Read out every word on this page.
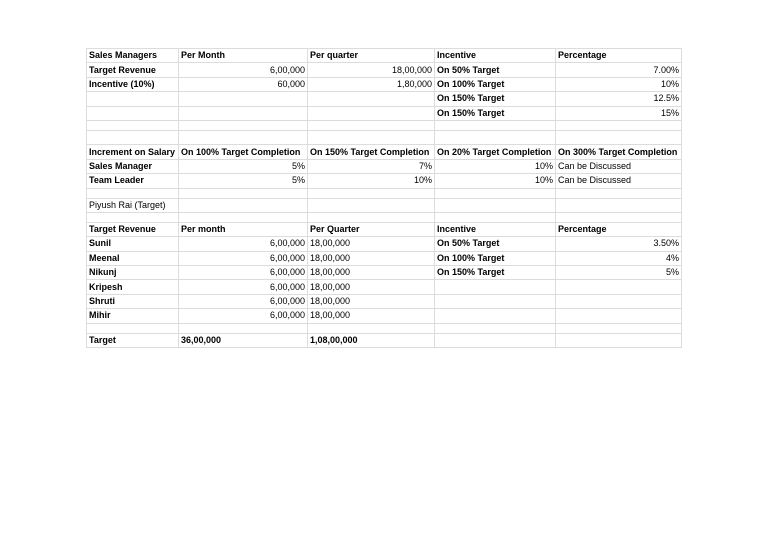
Sales Managers	Per Month	Per quarter	Incentive	Percentage
Target Revenue	6,00,000	18,00,000	On 50% Target	7.00%
Incentive (10%)	60,000	1,80,000	On 100% Target	10%
			On 150% Target	12.5%
			On 150% Target	15%

Increment on Salary	On 100% Target Completion	On 150% Target Completion	On 20% Target Completion	On 300% Target Completion
Sales Manager	5%	7%	10%	Can be Discussed
Team Leader	5%	10%	10%	Can be Discussed

Piyush Rai (Target)				

Target Revenue	Per month	Per Quarter	Incentive	Percentage
Sunil	6,00,000	18,00,000	On 50% Target	3.50%
Meenal	6,00,000	18,00,000	On 100% Target	4%
Nikunj	6,00,000	18,00,000	On 150% Target	5%
Kripesh	6,00,000	18,00,000		
Shruti	6,00,000	18,00,000		
Mihir	6,00,000	18,00,000		

Target	36,00,000	1,08,00,000		
